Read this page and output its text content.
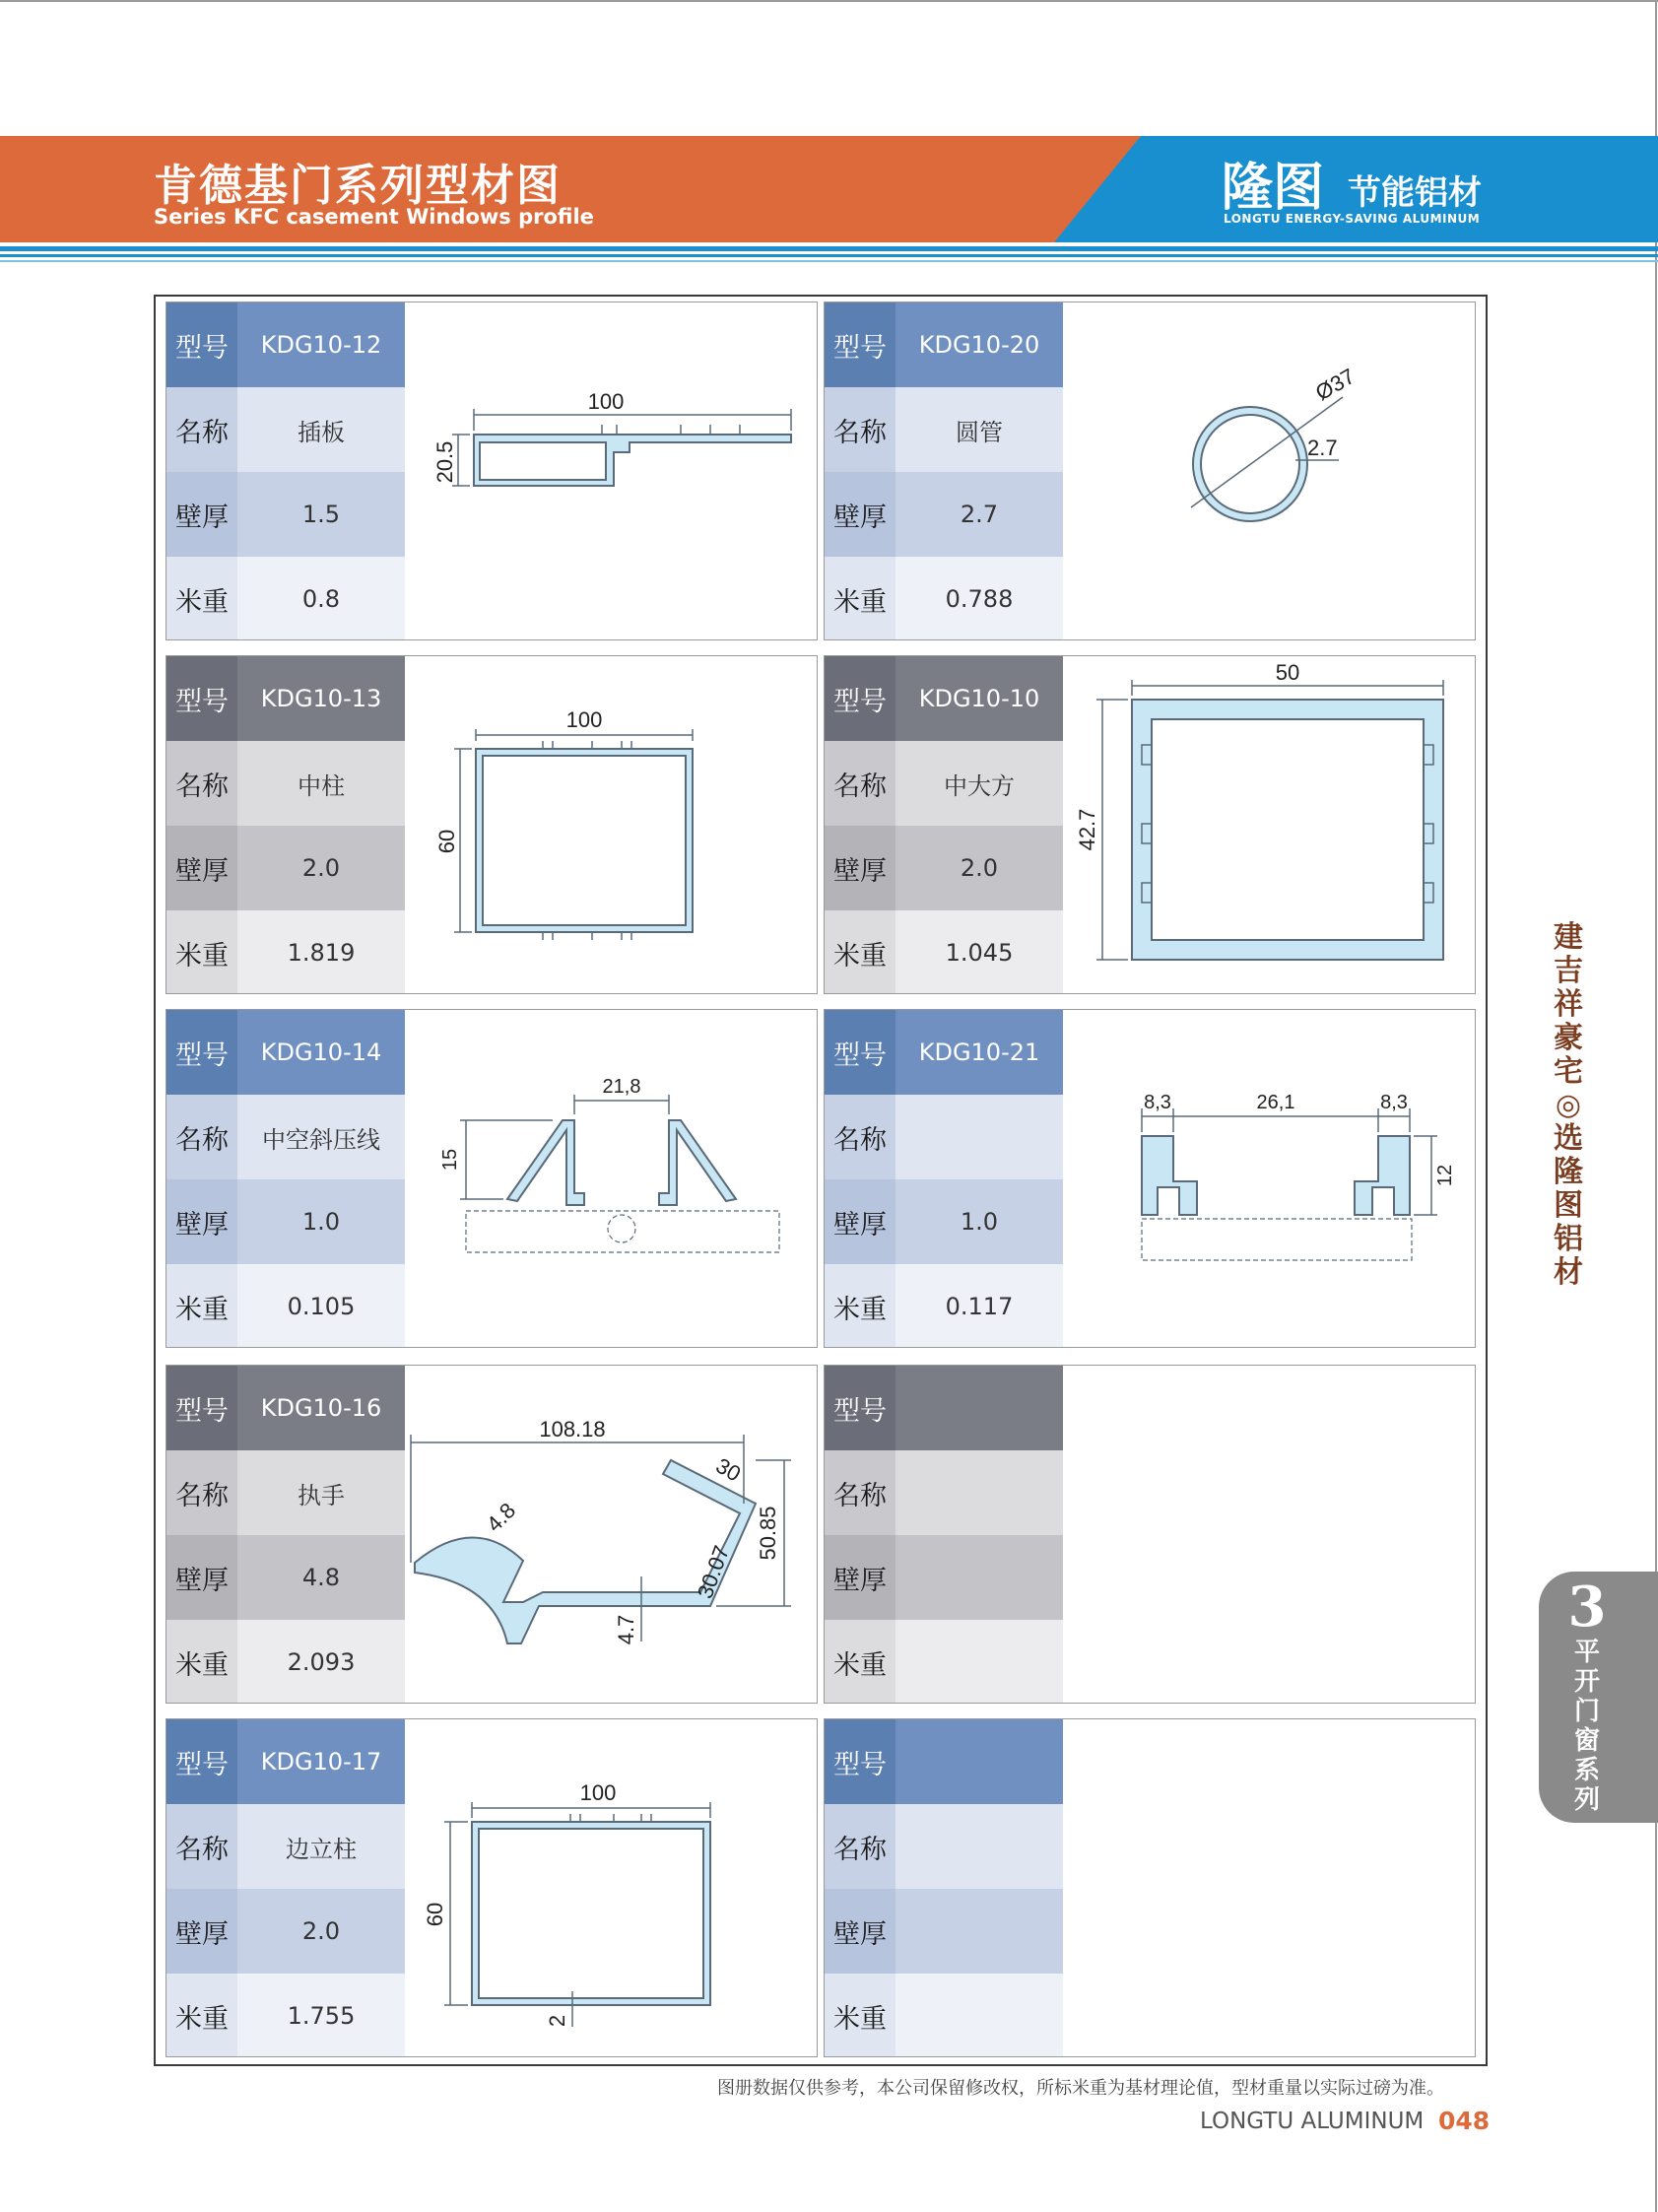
肯德基门系列型材图
Series KFC casement Windows profile	隆图 节能铝材
LONGTU ENERGY-SAVING ALUMINUM
型号	KDG10-12
名称	插板
壁厚	1.5
米重	0.8
100
20.5
型号	KDG10-20
名称	圆管
壁厚	2.7
米重	0.788
Ø37
2.7
型号	KDG10-13
名称	中柱
壁厚	2.0
米重	1.819
100
60
型号	KDG10-10
名称	中大方
壁厚	2.0
米重	1.045
50
42.7
型号	KDG10-14
名称	中空斜压线
壁厚	1.0
米重	0.105
21,8
15
型号	KDG10-21
名称
壁厚	1.0
米重	0.117
8,3	26,1	8,3
12
型号	KDG10-16
名称	执手
壁厚	4.8
米重	2.093
108.18
30
4.8
4.7
30.07
50.85
型号
名称
壁厚
米重
型号	KDG10-17
名称	边立柱
壁厚	2.0
米重	1.755
100
60
2
型号
名称
壁厚
米重
建吉祥豪宅◎选隆图铝材
3
平开门窗系列
图册数据仅供参考，本公司保留修改权，所标米重为基材理论值，型材重量以实际过磅为准。
LONGTU ALUMINUM 048
